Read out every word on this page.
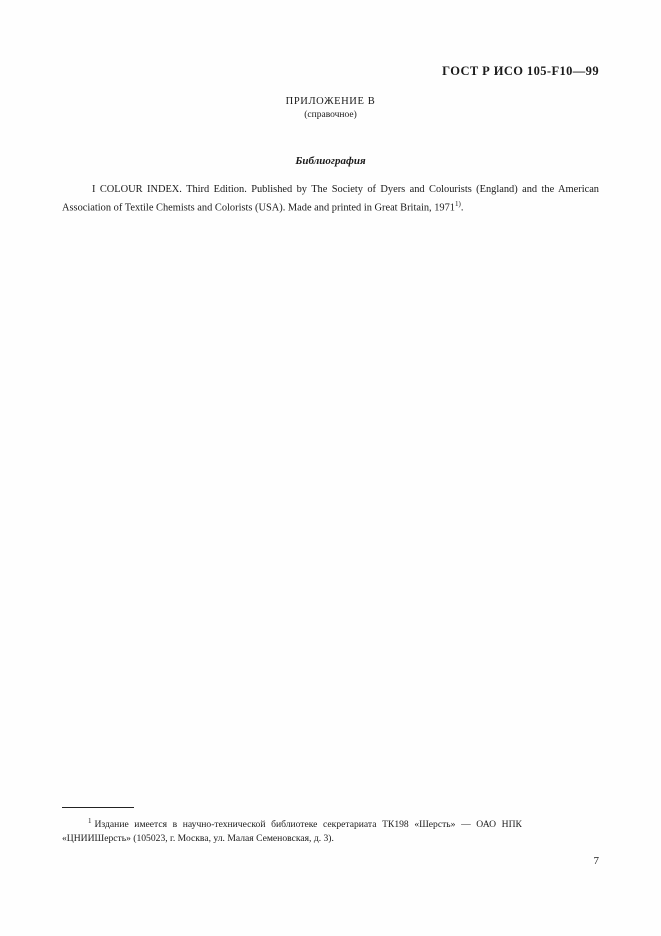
ГОСТ Р ИСО 105-F10—99
ПРИЛОЖЕНИЕ В
(справочное)
Библиография
I COLOUR INDEX. Third Edition. Published by The Society of Dyers and Colourists (England) and the American Association of Textile Chemists and Colorists (USA). Made and printed in Great Britain, 1971$^{1)}$.
$^1$ Издание имеется в научно-технической библиотеке секретариата ТК198 «Шерсть» — ОАО НПК
«ЦНИИШерсть» (105023, г. Москва, ул. Малая Семеновская, д. 3).
7
